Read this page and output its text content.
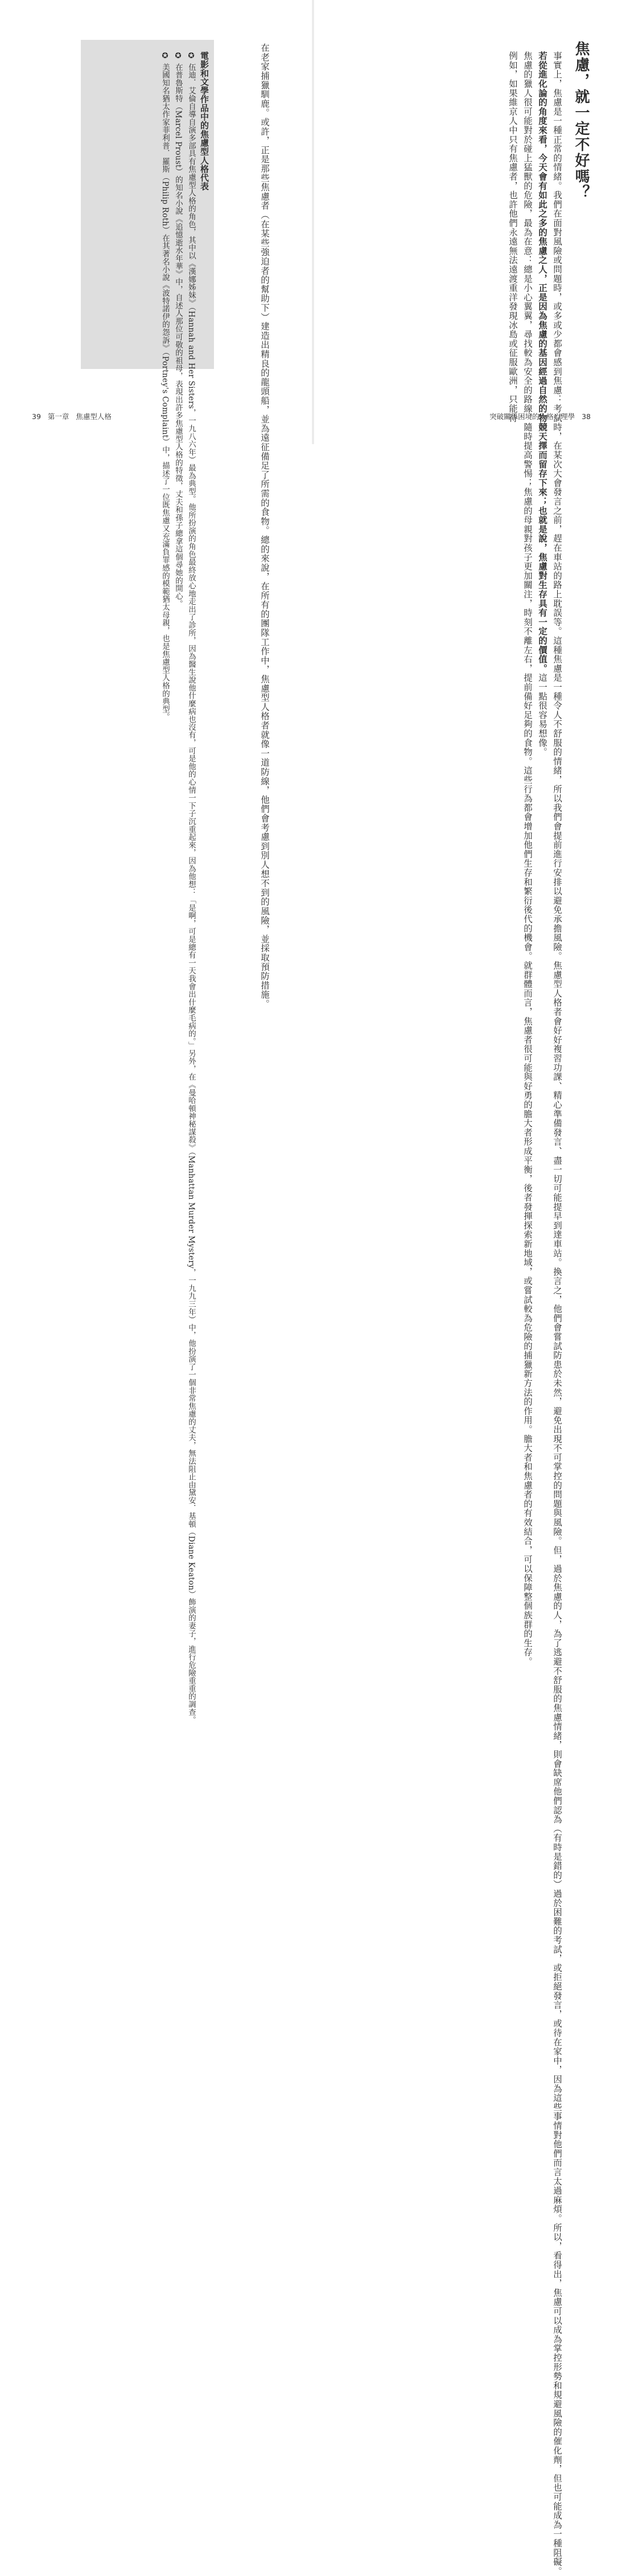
焦慮，就一定不好嗎？

事實上，焦慮是一種正常的情緒。我們在面對風險或問題時，或多或少都會感到焦慮：考試時，在某次大會發言之前，趕在車站的路上耽誤等。這種焦慮是一種令人不舒服的情緒，所以我們會提前進行安排以避免承擔風險。焦慮型人格者會好好複習功課、精心準備發言、盡一切可能提早到達車站。換言之，他們會嘗試防患於未然，避免出現不可掌控的問題與風險。但，過於焦慮的人，為了逃避不舒服的焦慮情緒，則會缺席他們認為（有時是錯的）過於困難的考試，或拒絕發言，或待在家中，因為這些事情對他們而言太過麻煩。所以，看得出，焦慮可以成為掌控形勢和規避風險的催化劑，但也可能成為一種阻礙。

若從進化論的角度來看，今天會有如此之多的焦慮之人，正是因為焦慮的基因經過自然的物競天擇而留存下來；也就是說，焦慮對生存具有一定的價值。這一點很容易想像。

焦慮的獵人很可能對於碰上猛獸的危險，最為在意：總是小心翼翼，尋找較為安全的路線，隨時提高警惕；焦慮的母親對孩子更加關注，時刻不離左右，提前備好足夠的食物。這些行為都會增加他們生存和繁衍後代的機會。就群體而言，焦慮者很可能與好勇的膽大者形成平衡，後者發揮探索新地域，或嘗試較為危險的捕獵新方法的作用。膽大者和焦慮者的有效結合，可以保障整個族群的生存。

例如，如果維京人中只有焦慮者，也許他們永遠無法遠渡重洋發現冰島或征服歐洲，只能待

在老家捕獵馴鹿。或許，正是那些焦慮者（在某些強迫者的幫助下）建造出精良的龍頭船，並為遠征備足了所需的食物。總的來說，在所有的團隊工作中，焦慮型人格者就像一道防線，他們會考慮到別人想不到的風險，並採取預防措施。

電影和文學作品中的焦慮型人格代表

✪ 伍迪．艾倫自導自演多部具有焦慮型人格的角色，其中以《漢娜姊妹》（Hannah and Her Sisters，一九八六年）最為典型。他所扮演的角色最終放心地走出了診所，因為醫生說他什麼病也沒有，可是他的心情一下子沉重起來，因為他想：「是啊，可是總有一天我會出什麼毛病的。」另外，在《曼哈頓神秘謀殺》（Manhattan Murder Mystery，一九九三年）中，他扮演了一個非常焦慮的丈夫，無法阻止由黛安．基頓（Diane Keaton）飾演的妻子，進行危險重重的調查。

✪ 在普魯斯特（Marcel Proust）的知名小說《追憶逝水年華》中，自述人那位可敬的祖母，表現出許多焦慮型人格的特徵，丈夫和孫子總拿這個尋她的開心。

✪ 美國知名猶太作家菲利普．羅斯（Philip Roth）在其著名小說《波特諾伊的怨訴》（Portney's Complaint）中，描述了一位既焦慮又充滿負罪感的模範猶太母親，也是焦慮型人格的典型。

39 第一章 焦慮型人格	突破關係困境的人格心理學 38
